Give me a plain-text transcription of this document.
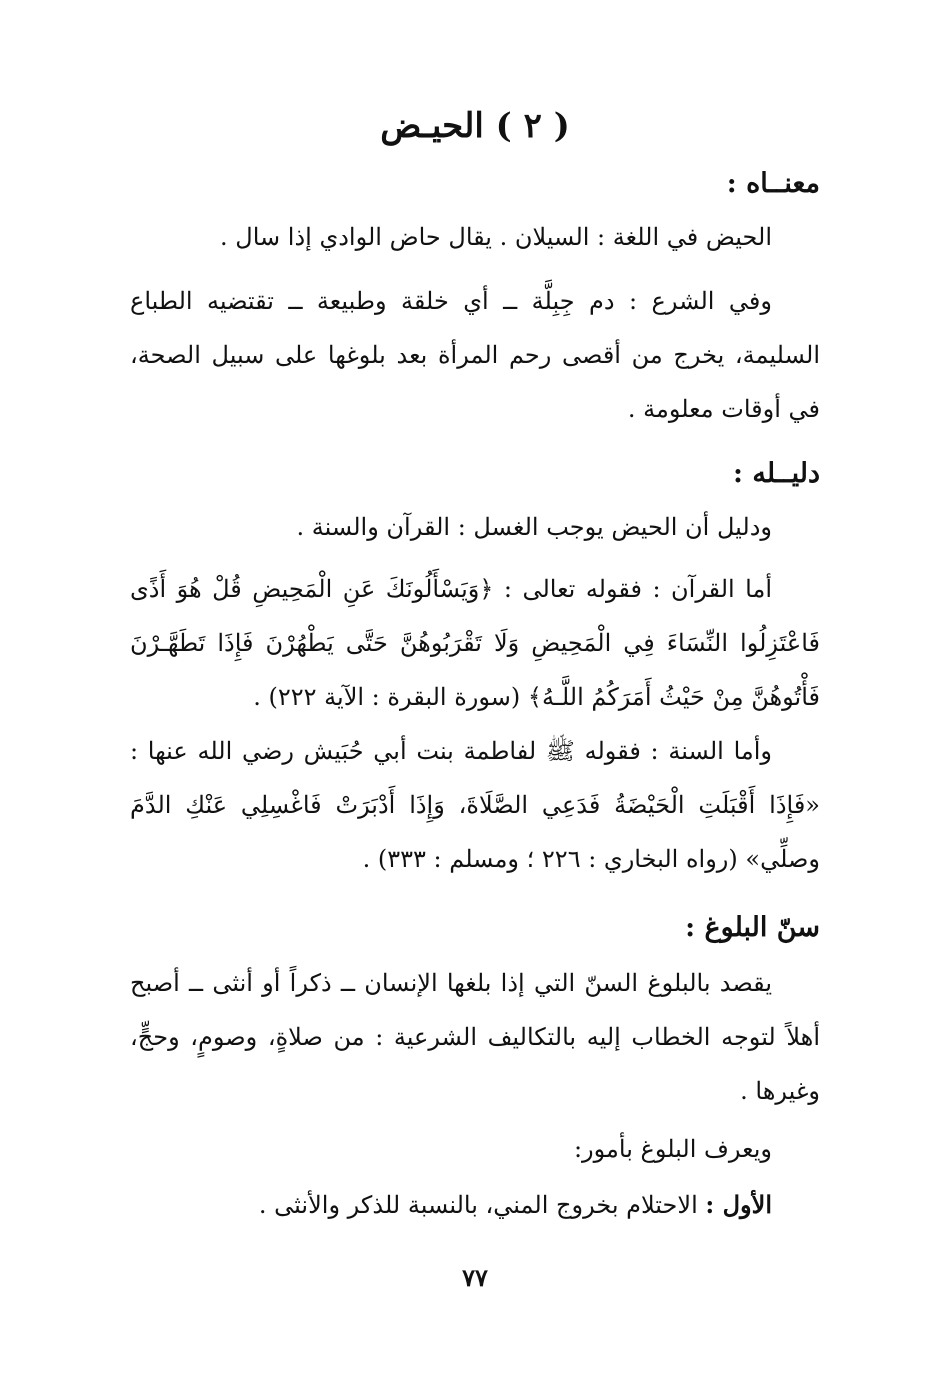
( ٢ ) الحيـض
معنــاه :
الحيض في اللغة : السيلان . يقال حاض الوادي إذا سال .
وفي الشرع : دم جِبِلَّة ــ أي خلقة وطبيعة ــ تقتضيه الطباع السليمة، يخرج من أقصى رحم المرأة بعد بلوغها على سبيل الصحة، في أوقات معلومة .
دليــله :
ودليل أن الحيض يوجب الغسل : القرآن والسنة .
أما القرآن : فقوله تعالى : ﴿وَيَسْأَلُونَكَ عَنِ الْمَحِيضِ قُلْ هُوَ أَذًى فَاعْتَزِلُوا النِّسَاءَ فِي الْمَحِيضِ وَلَا تَقْرَبُوهُنَّ حَتَّى يَطْهُرْنَ فَإِذَا تَطَهَّـرْنَ فَأْتُوهُنَّ مِنْ حَيْثُ أَمَرَكُمُ اللَّـهُ﴾ (سورة البقرة : الآية ٢٢٢) .
وأما السنة : فقوله ﷺ لفاطمة بنت أبي حُبَيش رضي الله عنها : «فَإِذَا أَقْبَلَتِ الْحَيْضَةُ فَدَعِي الصَّلَاةَ، وَإِذَا أَدْبَرَتْ فَاغْسِلِي عَنْكِ الدَّمَ وصلِّي» (رواه البخاري : ٢٢٦ ؛ ومسلم : ٣٣٣) .
سنّ البلوغ :
يقصد بالبلوغ السنّ التي إذا بلغها الإنسان ــ ذكراً أو أنثى ــ أصبح أهلاً لتوجه الخطاب إليه بالتكاليف الشرعية : من صلاةٍ، وصومٍ، وحجٍّ، وغيرها .
ويعرف البلوغ بأمور:
الأول : الاحتلام بخروج المني، بالنسبة للذكر والأنثى .
٧٧
